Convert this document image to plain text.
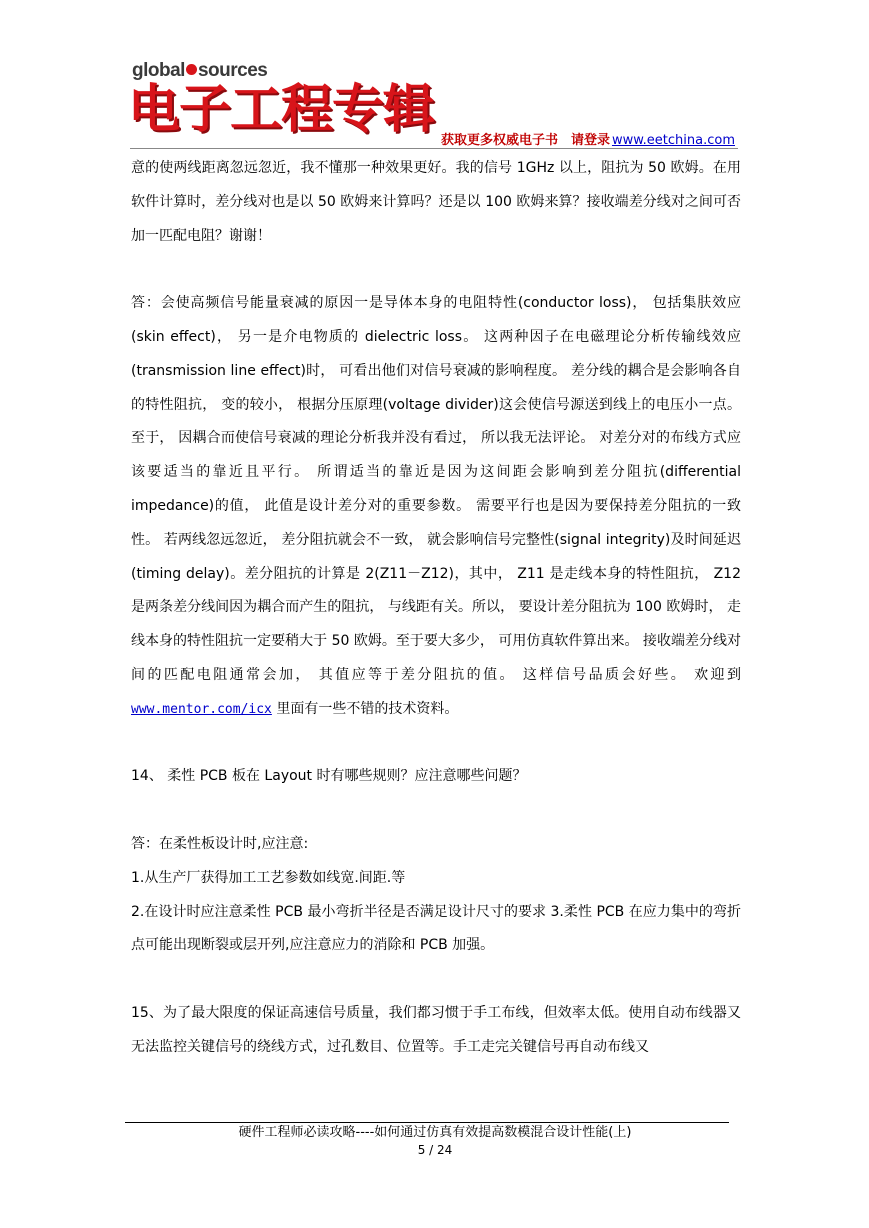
global sources
电子工程专辑
获取更多权威电子书　请登录 www.eetchina.com

意的使两线距离忽远忽近，我不懂那一种效果更好。我的信号 1GHz 以上，阻抗为 50 欧姆。在用软件计算时，差分线对也是以 50 欧姆来计算吗？还是以 100 欧姆来算？接收端差分线对之间可否加一匹配电阻？谢谢！

答：会使高频信号能量衰减的原因一是导体本身的电阻特性(conductor loss)， 包括集肤效应(skin effect)， 另一是介电物质的 dielectric loss。 这两种因子在电磁理论分析传输线效应(transmission line effect)时， 可看出他们对信号衰减的影响程度。 差分线的耦合是会影响各自的特性阻抗， 变的较小， 根据分压原理(voltage divider)这会使信号源送到线上的电压小一点。 至于， 因耦合而使信号衰减的理论分析我并没有看过， 所以我无法评论。 对差分对的布线方式应该要适当的靠近且平行。 所谓适当的靠近是因为这间距会影响到差分阻抗(differential impedance)的值， 此值是设计差分对的重要参数。 需要平行也是因为要保持差分阻抗的一致性。 若两线忽远忽近， 差分阻抗就会不一致， 就会影响信号完整性(signal integrity)及时间延迟(timing delay)。差分阻抗的计算是 2(Z11－Z12)，其中， Z11 是走线本身的特性阻抗， Z12 是两条差分线间因为耦合而产生的阻抗， 与线距有关。所以， 要设计差分阻抗为 100 欧姆时， 走线本身的特性阻抗一定要稍大于 50 欧姆。至于要大多少， 可用仿真软件算出来。 接收端差分线对间的匹配电阻通常会加， 其值应等于差分阻抗的值。 这样信号品质会好些。 欢迎到 www.mentor.com/icx 里面有一些不错的技术资料。

14、 柔性 PCB 板在 Layout 时有哪些规则？应注意哪些问题？

答：在柔性板设计时,应注意:

1.从生产厂获得加工工艺参数如线宽.间距.等

2.在设计时应注意柔性 PCB 最小弯折半径是否满足设计尺寸的要求 3.柔性 PCB 在应力集中的弯折点可能出现断裂或层开列,应注意应力的消除和 PCB 加强。

15、为了最大限度的保证高速信号质量，我们都习惯于手工布线，但效率太低。使用自动布线器又无法监控关键信号的绕线方式，过孔数目、位置等。手工走完关键信号再自动布线又

硬件工程师必读攻略----如何通过仿真有效提高数模混合设计性能(上)
5 / 24
